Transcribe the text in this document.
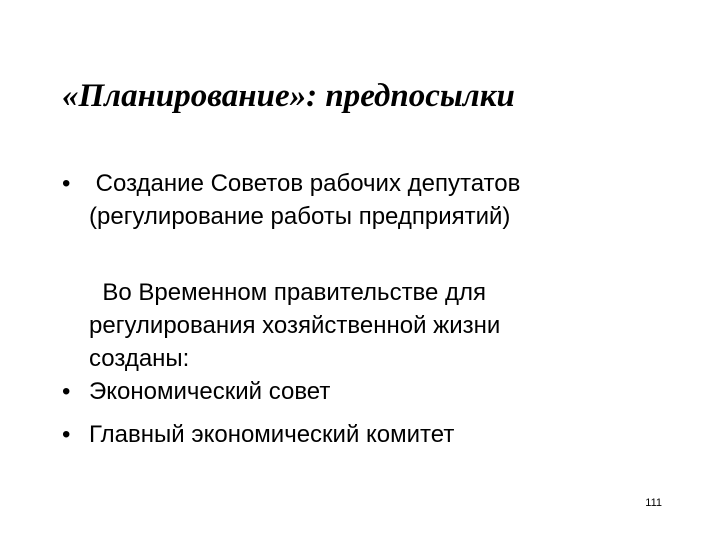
«Планирование»: предпосылки
• Создание Советов рабочих депутатов
(регулирование работы предприятий)
Во Временном правительстве для
регулирования хозяйственной жизни
созданы:
• Экономический совет
• Главный экономический комитет
111
